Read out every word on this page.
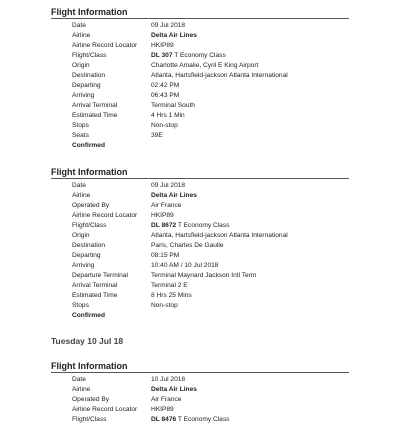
Flight Information
Date	09 Jul 2018
Airline	Delta Air Lines
Airline Record Locator HKIP89
Flight/Class	DL 307 T Economy Class
Origin	Charlotte Amalie, Cyril E King Airport
Destination	Atlanta, Hartsfield-jackson Atlanta International
Departing	02:42 PM
Arriving	06:43 PM
Arrival Terminal	Terminal South
Estimated Time	4 Hrs 1 Min
Stops	Non-stop
Seats	39E
Confirmed
Flight Information
Date	09 Jul 2018
Airline	Delta Air Lines
Operated By	Air France
Airline Record Locator HKIP89
Flight/Class	DL 8672 T Economy Class
Origin	Atlanta, Hartsfield-jackson Atlanta International
Destination	Paris, Charles De Gaulle
Departing	08:15 PM
Arriving	10:40 AM / 10 Jul 2018
Departure Terminal	Terminal Maynard Jackson Intl Term
Arrival Terminal	Terminal 2 E
Estimated Time	8 Hrs 25 Mins
Stops	Non-stop
Confirmed
Tuesday 10 Jul 18
Flight Information
Date	10 Jul 2018
Airline	Delta Air Lines
Operated By	Air France
Airline Record Locator HKIP89
Flight/Class	DL 8476 T Economy Class
